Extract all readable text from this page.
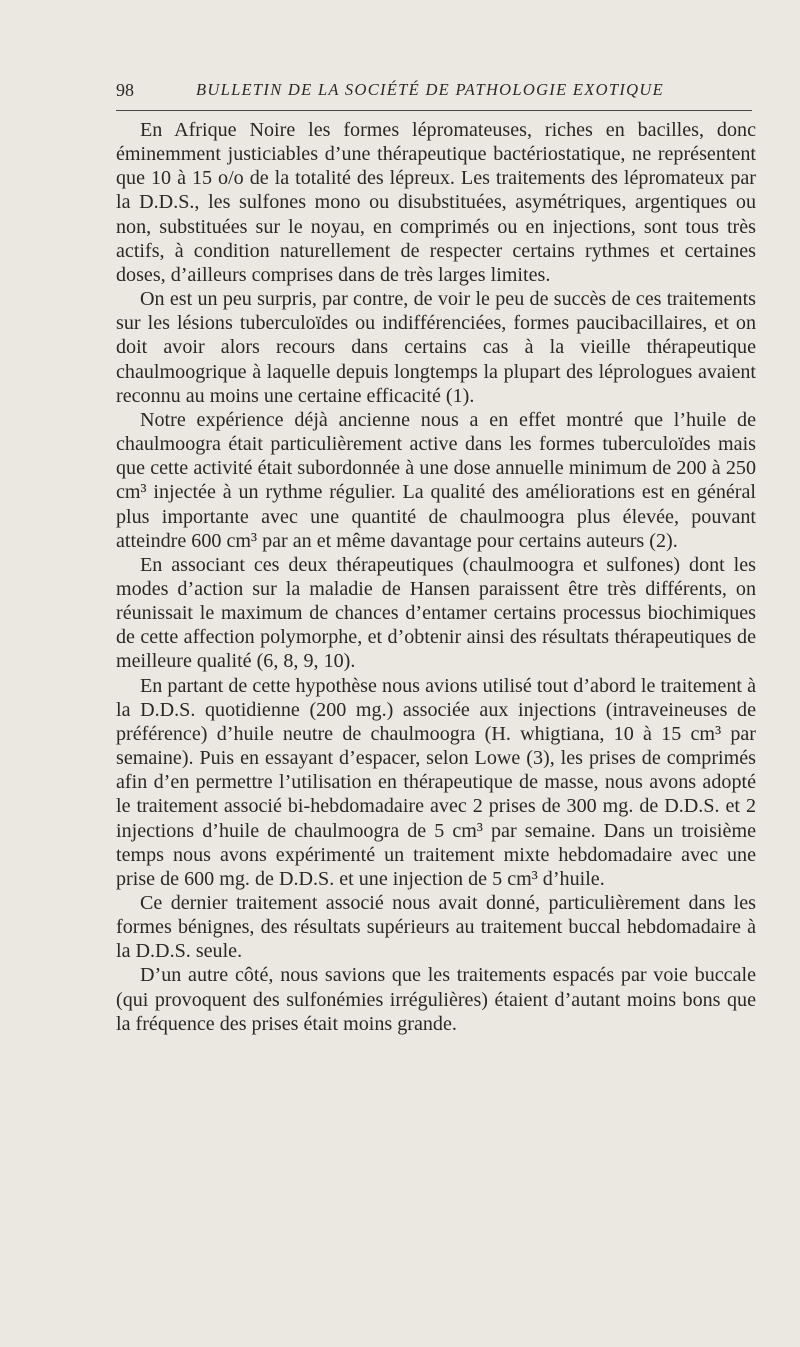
98	BULLETIN DE LA SOCIÉTÉ DE PATHOLOGIE EXOTIQUE

En Afrique Noire les formes lépromateuses, riches en bacilles, donc éminemment justiciables d’une thérapeutique bactériostatique, ne représentent que 10 à 15 o/o de la totalité des lépreux. Les traitements des lépromateux par la D.D.S., les sulfones mono ou disubstituées, asymétriques, argentiques ou non, substituées sur le noyau, en comprimés ou en injections, sont tous très actifs, à condition naturellement de respecter certains rythmes et certaines doses, d’ailleurs comprises dans de très larges limites.

On est un peu surpris, par contre, de voir le peu de succès de ces traitements sur les lésions tuberculoïdes ou indifférenciées, formes paucibacillaires, et on doit avoir alors recours dans certains cas à la vieille thérapeutique chaulmoogrique à laquelle depuis longtemps la plupart des léprologues avaient reconnu au moins une certaine efficacité (1).

Notre expérience déjà ancienne nous a en effet montré que l’huile de chaulmoogra était particulièrement active dans les formes tuberculoïdes mais que cette activité était subordonnée à une dose annuelle minimum de 200 à 250 cm³ injectée à un rythme régulier. La qualité des améliorations est en général plus importante avec une quantité de chaulmoogra plus élevée, pouvant atteindre 600 cm³ par an et même davantage pour certains auteurs (2).

En associant ces deux thérapeutiques (chaulmoogra et sulfones) dont les modes d’action sur la maladie de Hansen paraissent être très différents, on réunissait le maximum de chances d’entamer certains processus biochimiques de cette affection polymorphe, et d’obtenir ainsi des résultats thérapeutiques de meilleure qualité (6, 8, 9, 10).

En partant de cette hypothèse nous avions utilisé tout d’abord le traitement à la D.D.S. quotidienne (200 mg.) associée aux injections (intraveineuses de préférence) d’huile neutre de chaulmoogra (H. whigtiana, 10 à 15 cm³ par semaine). Puis en essayant d’espacer, selon Lowe (3), les prises de comprimés afin d’en permettre l’utilisation en thérapeutique de masse, nous avons adopté le traitement associé bi-hebdomadaire avec 2 prises de 300 mg. de D.D.S. et 2 injections d’huile de chaulmoogra de 5 cm³ par semaine. Dans un troisième temps nous avons expérimenté un traitement mixte hebdomadaire avec une prise de 600 mg. de D.D.S. et une injection de 5 cm³ d’huile.

Ce dernier traitement associé nous avait donné, particulièrement dans les formes bénignes, des résultats supérieurs au traitement buccal hebdomadaire à la D.D.S. seule.

D’un autre côté, nous savions que les traitements espacés par voie buccale (qui provoquent des sulfonémies irrégulières) étaient d’autant moins bons que la fréquence des prises était moins grande.
